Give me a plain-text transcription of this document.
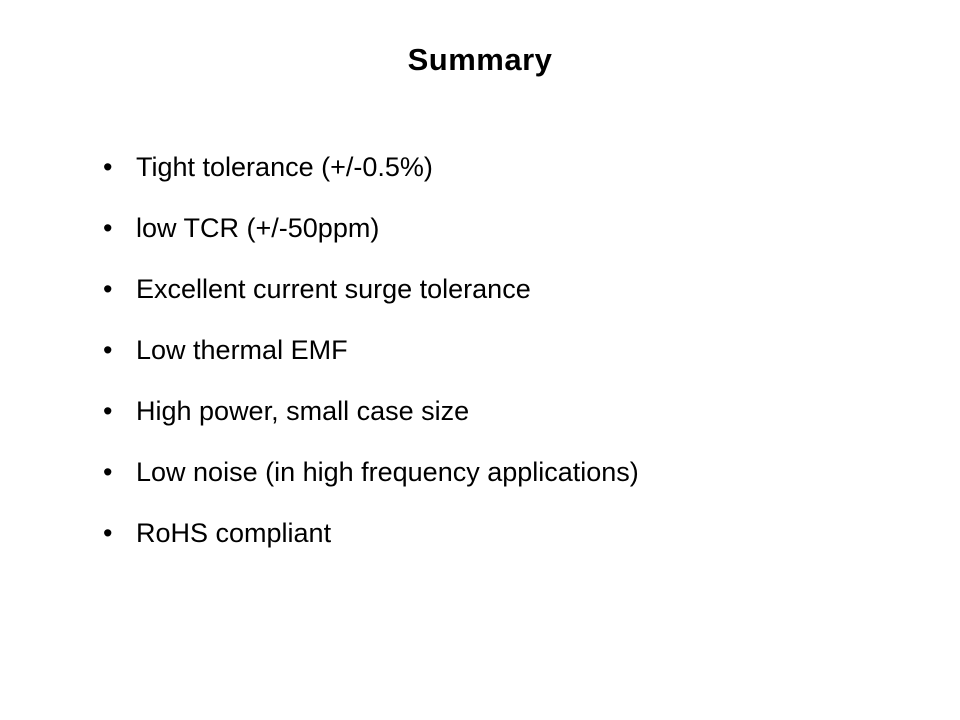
Summary
• Tight tolerance (+/-0.5%)
• low TCR (+/-50ppm)
• Excellent current surge tolerance
• Low thermal EMF
• High power, small case size
• Low noise (in high frequency applications)
• RoHS compliant
